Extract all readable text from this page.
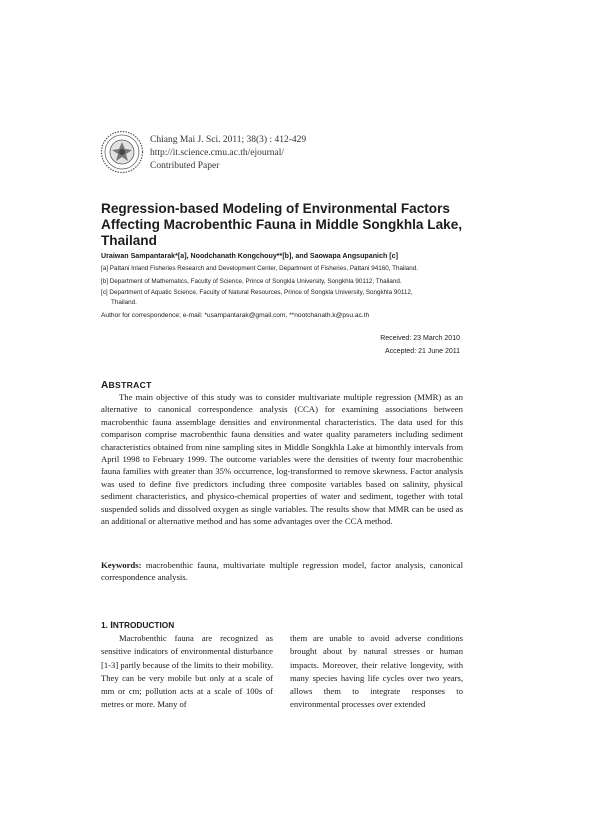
Chiang Mai J. Sci. 2011; 38(3) : 412-429
http://it.science.cmu.ac.th/ejournal/
Contributed Paper
Regression-based Modeling of Environmental Factors Affecting Macrobenthic Fauna in Middle Songkhla Lake, Thailand
Uraiwan Sampantarak*[a], Noodchanath Kongchouy**[b], and Saowapa Angsupanich [c]
[a] Pattani Inland Fisheries Research and Development Center, Department of Fisheries, Pattani 94160, Thailand.
[b] Department of Mathematics, Faculty of Science, Prince of Songkla University, Songkhla 90112, Thailand.
[c] Department of Aquatic Science, Faculty of Natural Resources, Prince of Songkla University, Songkhla 90112,
Thailand.
Author for correspondence; e-mail: *usampantarak@gmail.com, **nootchanath.k@psu.ac.th
Received: 23 March 2010
Accepted: 21 June 2011
ABSTRACT

The main objective of this study was to consider multivariate multiple regression (MMR) as an alternative to canonical correspondence analysis (CCA) for examining associations between macrobenthic fauna assemblage densities and environmental characteristics. The data used for this comparison comprise macrobenthic fauna densities and water quality parameters including sediment characteristics obtained from nine sampling sites in Middle Songkhla Lake at bimonthly intervals from April 1998 to February 1999. The outcome variables were the densities of twenty four macrobenthic fauna families with greater than 35% occurrence, log-transformed to remove skewness. Factor analysis was used to define five predictors including three composite variables based on salinity, physical sediment characteristics, and physico-chemical properties of water and sediment, together with total suspended solids and dissolved oxygen as single variables. The results show that MMR can be used as an additional or alternative method and has some advantages over the CCA method.

Keywords: macrobenthic fauna, multivariate multiple regression model, factor analysis, canonical correspondence analysis.

1. INTRODUCTION

Macrobenthic fauna are recognized as sensitive indicators of environmental disturbance [1-3] partly because of the limits to their mobility. They can be very mobile but only at a scale of mm or cm; pollution acts at a scale of 100s of metres or more. Many of

them are unable to avoid adverse conditions brought about by natural stresses or human impacts. Moreover, their relative longevity, with many species having life cycles over two years, allows them to integrate responses to environmental processes over extended
